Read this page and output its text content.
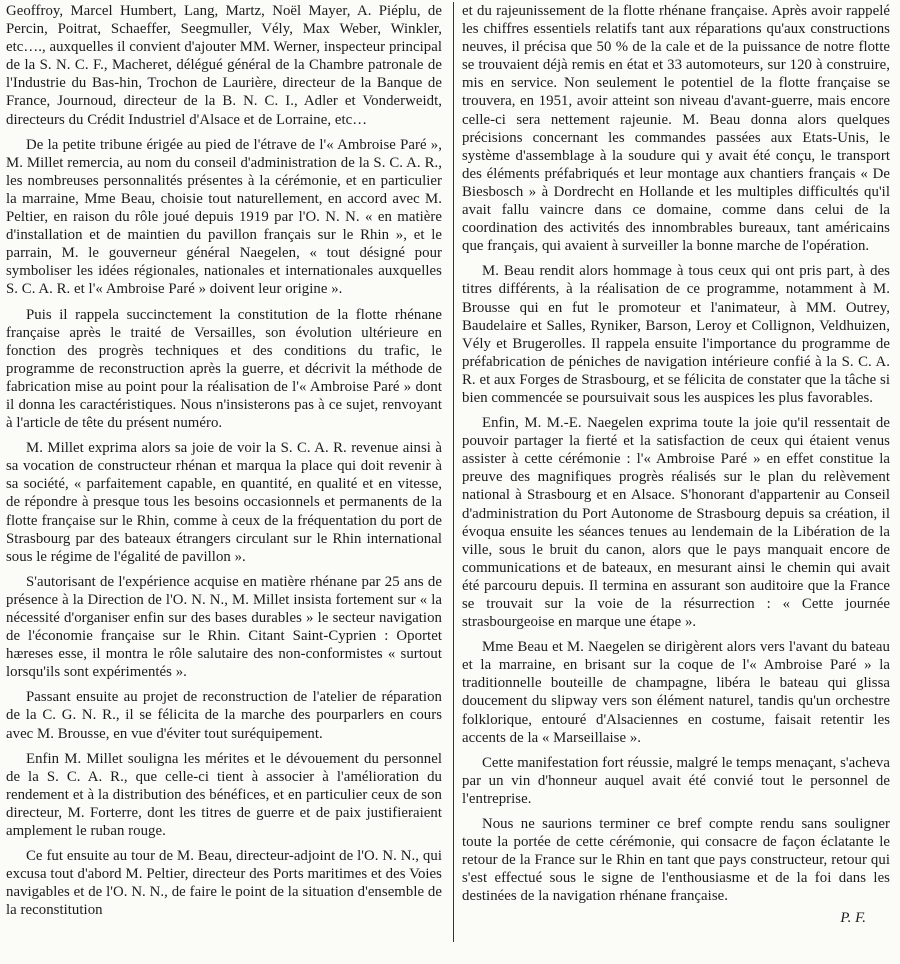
Geoffroy, Marcel Humbert, Lang, Martz, Noël Mayer, A. Piéplu, de Percin, Poitrat, Schaeffer, Seegmuller, Vély, Max Weber, Winkler, etc…., auxquelles il convient d'ajouter MM. Werner, inspecteur principal de la S. N. C. F., Macheret, délégué général de la Chambre patronale de l'Industrie du Bas-hin, Trochon de Laurière, directeur de la Banque de France, Journoud, directeur de la B. N. C. I., Adler et Vonderweidt, directeurs du Crédit Industriel d'Alsace et de Lorraine, etc…

De la petite tribune érigée au pied de l'étrave de l'« Ambroise Paré », M. Millet remercia, au nom du conseil d'administration de la S. C. A. R., les nombreuses personnalités présentes à la cérémonie, et en particulier la marraine, Mme Beau, choisie tout naturellement, en accord avec M. Peltier, en raison du rôle joué depuis 1919 par l'O. N. N. « en matière d'installation et de maintien du pavillon français sur le Rhin », et le parrain, M. le gouverneur général Naegelen, « tout désigné pour symboliser les idées régionales, nationales et internationales auxquelles S. C. A. R. et l'« Ambroise Paré » doivent leur origine ».

Puis il rappela succinctement la constitution de la flotte rhénane française après le traité de Versailles, son évolution ultérieure en fonction des progrès techniques et des conditions du trafic, le programme de reconstruction après la guerre, et décrivit la méthode de fabrication mise au point pour la réalisation de l'« Ambroise Paré » dont il donna les caractéristiques. Nous n'insisterons pas à ce sujet, renvoyant à l'article de tête du présent numéro.

M. Millet exprima alors sa joie de voir la S. C. A. R. revenue ainsi à sa vocation de constructeur rhénan et marqua la place qui doit revenir à sa société, « parfaitement capable, en quantité, en qualité et en vitesse, de répondre à presque tous les besoins occasionnels et permanents de la flotte française sur le Rhin, comme à ceux de la fréquentation du port de Strasbourg par des bateaux étrangers circulant sur le Rhin international sous le régime de l'égalité de pavillon ».

S'autorisant de l'expérience acquise en matière rhénane par 25 ans de présence à la Direction de l'O. N. N., M. Millet insista fortement sur « la nécessité d'organiser enfin sur des bases durables » le secteur navigation de l'économie française sur le Rhin. Citant Saint-Cyprien : Oportet hæreses esse, il montra le rôle salutaire des non-conformistes « surtout lorsqu'ils sont expérimentés ».

Passant ensuite au projet de reconstruction de l'atelier de réparation de la C. G. N. R., il se félicita de la marche des pourparlers en cours avec M. Brousse, en vue d'éviter tout suréquipement.

Enfin M. Millet souligna les mérites et le dévouement du personnel de la S. C. A. R., que celle-ci tient à associer à l'amélioration du rendement et à la distribution des bénéfices, et en particulier ceux de son directeur, M. Forterre, dont les titres de guerre et de paix justifieraient amplement le ruban rouge.

Ce fut ensuite au tour de M. Beau, directeur-adjoint de l'O. N. N., qui excusa tout d'abord M. Peltier, directeur des Ports maritimes et des Voies navigables et de l'O. N. N., de faire le point de la situation d'ensemble de la reconstitution

et du rajeunissement de la flotte rhénane française. Après avoir rappelé les chiffres essentiels relatifs tant aux réparations qu'aux constructions neuves, il précisa que 50 % de la cale et de la puissance de notre flotte se trouvaient déjà remis en état et 33 automoteurs, sur 120 à construire, mis en service. Non seulement le potentiel de la flotte française se trouvera, en 1951, avoir atteint son niveau d'avant-guerre, mais encore celle-ci sera nettement rajeunie. M. Beau donna alors quelques précisions concernant les commandes passées aux Etats-Unis, le système d'assemblage à la soudure qui y avait été conçu, le transport des éléments préfabriqués et leur montage aux chantiers français « De Biesbosch » à Dordrecht en Hollande et les multiples difficultés qu'il avait fallu vaincre dans ce domaine, comme dans celui de la coordination des activités des innombrables bureaux, tant américains que français, qui avaient à surveiller la bonne marche de l'opération.

M. Beau rendit alors hommage à tous ceux qui ont pris part, à des titres différents, à la réalisation de ce programme, notamment à M. Brousse qui en fut le promoteur et l'animateur, à MM. Outrey, Baudelaire et Salles, Ryniker, Barson, Leroy et Collignon, Veldhuizen, Vély et Brugerolles. Il rappela ensuite l'importance du programme de préfabrication de péniches de navigation intérieure confié à la S. C. A. R. et aux Forges de Strasbourg, et se félicita de constater que la tâche si bien commencée se poursuivait sous les auspices les plus favorables.

Enfin, M. M.-E. Naegelen exprima toute la joie qu'il ressentait de pouvoir partager la fierté et la satisfaction de ceux qui étaient venus assister à cette cérémonie : l'« Ambroise Paré » en effet constitue la preuve des magnifiques progrès réalisés sur le plan du relèvement national à Strasbourg et en Alsace. S'honorant d'appartenir au Conseil d'administration du Port Autonome de Strasbourg depuis sa création, il évoqua ensuite les séances tenues au lendemain de la Libération de la ville, sous le bruit du canon, alors que le pays manquait encore de communications et de bateaux, en mesurant ainsi le chemin qui avait été parcouru depuis. Il termina en assurant son auditoire que la France se trouvait sur la voie de la résurrection : « Cette journée strasbourgeoise en marque une étape ».

Mme Beau et M. Naegelen se dirigèrent alors vers l'avant du bateau et la marraine, en brisant sur la coque de l'« Ambroise Paré » la traditionnelle bouteille de champagne, libéra le bateau qui glissa doucement du slipway vers son élément naturel, tandis qu'un orchestre folklorique, entouré d'Alsaciennes en costume, faisait retentir les accents de la « Marseillaise ».

Cette manifestation fort réussie, malgré le temps menaçant, s'acheva par un vin d'honneur auquel avait été convié tout le personnel de l'entreprise.

Nous ne saurions terminer ce bref compte rendu sans souligner toute la portée de cette cérémonie, qui consacre de façon éclatante le retour de la France sur le Rhin en tant que pays constructeur, retour qui s'est effectué sous le signe de l'enthousiasme et de la foi dans les destinées de la navigation rhénane française.

P. F.
